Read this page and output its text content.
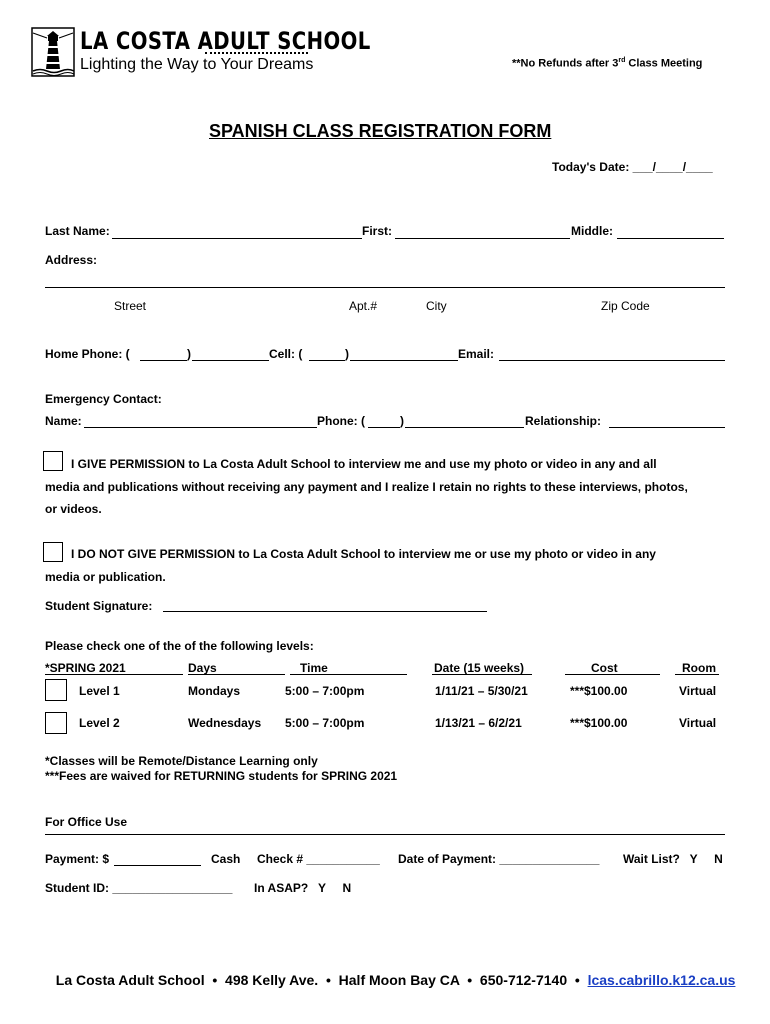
LA COSTA ADULT SCHOOL
Lighting the Way to Your Dreams	**No Refunds after 3rd Class Meeting
SPANISH CLASS REGISTRATION FORM
Today's Date: ___/____/____
Last Name:	First:	Middle:
Address:
Street	Apt.#	City	Zip Code
Home Phone: (	)	Cell: (	)	Email:
Emergency Contact:
Name:	Phone: (	)	Relationship:
I GIVE PERMISSION to La Costa Adult School to interview me and use my photo or video in any and all
media and publications without receiving any payment and I realize I retain no rights to these interviews, photos,
or videos.
I DO NOT GIVE PERMISSION to La Costa Adult School to interview me or use my photo or video in any
media or publication.
Student Signature:
Please check one of the of the following levels:
*SPRING 2021	Days	Time	Date (15 weeks)	Cost	Room
Level 1	Mondays	5:00 – 7:00pm	1/11/21 – 5/30/21	***$100.00	Virtual
Level 2	Wednesdays 5:00 – 7:00pm	1/13/21 – 6/2/21	***$100.00	Virtual
*Classes will be Remote/Distance Learning only
***Fees are waived for RETURNING students for SPRING 2021
For Office Use
Payment: $	Cash Check # ___________ Date of Payment: _______________ Wait List?   Y     N
Student ID: __________________ In ASAP?   Y     N

La Costa Adult School  •  498 Kelly Ave.  •  Half Moon Bay CA  •  650-712-7140  •  lcas.cabrillo.k12.ca.us
